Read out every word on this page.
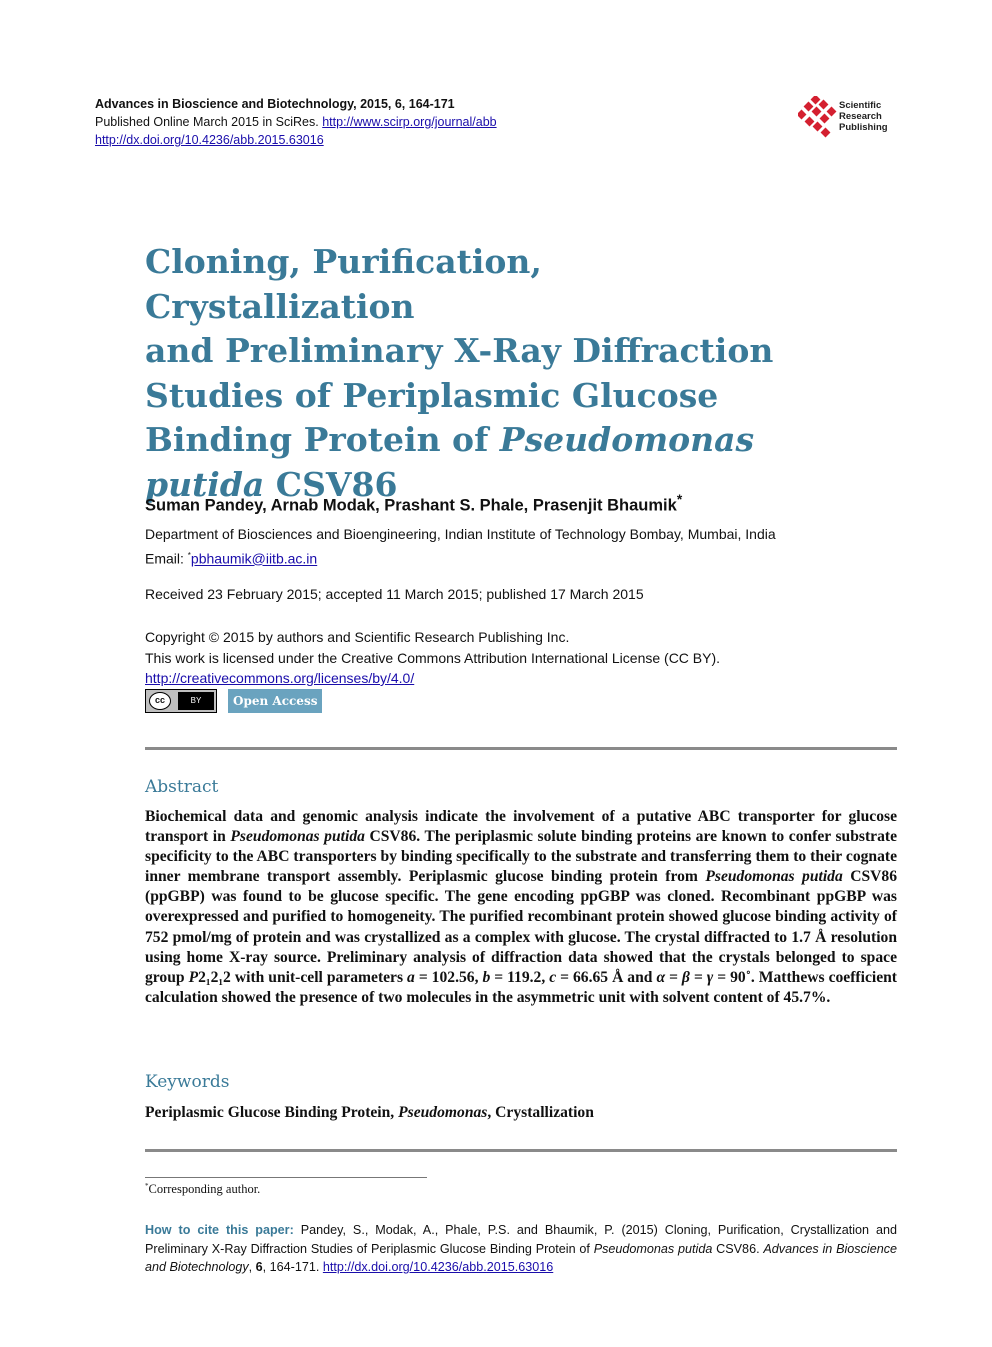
Advances in Bioscience and Biotechnology, 2015, 6, 164-171
Published Online March 2015 in SciRes. http://www.scirp.org/journal/abb
http://dx.doi.org/10.4236/abb.2015.63016
Scientific
Research
Publishing
Cloning, Purification, Crystallization
and Preliminary X-Ray Diffraction
Studies of Periplasmic Glucose
Binding Protein of Pseudomonas
putida CSV86
Suman Pandey, Arnab Modak, Prashant S. Phale, Prasenjit Bhaumik*
Department of Biosciences and Bioengineering, Indian Institute of Technology Bombay, Mumbai, India
Email: *pbhaumik@iitb.ac.in
Received 23 February 2015; accepted 11 March 2015; published 17 March 2015
Copyright © 2015 by authors and Scientific Research Publishing Inc.
This work is licensed under the Creative Commons Attribution International License (CC BY).
http://creativecommons.org/licenses/by/4.0/
cc	BY	Open Access
Abstract

Biochemical data and genomic analysis indicate the involvement of a putative ABC transporter for glucose transport in Pseudomonas putida CSV86. The periplasmic solute binding proteins are known to confer substrate specificity to the ABC transporters by binding specifically to the substrate and transferring them to their cognate inner membrane transport assembly. Periplasmic glucose binding protein from Pseudomonas putida CSV86 (ppGBP) was found to be glucose specific. The gene encoding ppGBP was cloned. Recombinant ppGBP was overexpressed and purified to homogeneity. The purified recombinant protein showed glucose binding activity of 752 pmol/mg of protein and was crystallized as a complex with glucose. The crystal diffracted to 1.7 Å resolution using home X-ray source. Preliminary analysis of diffraction data showed that the crystals belonged to space group P2₁2₁2 with unit-cell parameters a = 102.56, b = 119.2, c = 66.65 Å and α = β = γ = 90˚. Matthews coefficient calculation showed the presence of two molecules in the asymmetric unit with solvent content of 45.7%.

Keywords
Periplasmic Glucose Binding Protein, Pseudomonas, Crystallization
*Corresponding author.

How to cite this paper: Pandey, S., Modak, A., Phale, P.S. and Bhaumik, P. (2015) Cloning, Purification, Crystallization and Preliminary X-Ray Diffraction Studies of Periplasmic Glucose Binding Protein of Pseudomonas putida CSV86. Advances in Bioscience and Biotechnology, 6, 164-171. http://dx.doi.org/10.4236/abb.2015.63016
